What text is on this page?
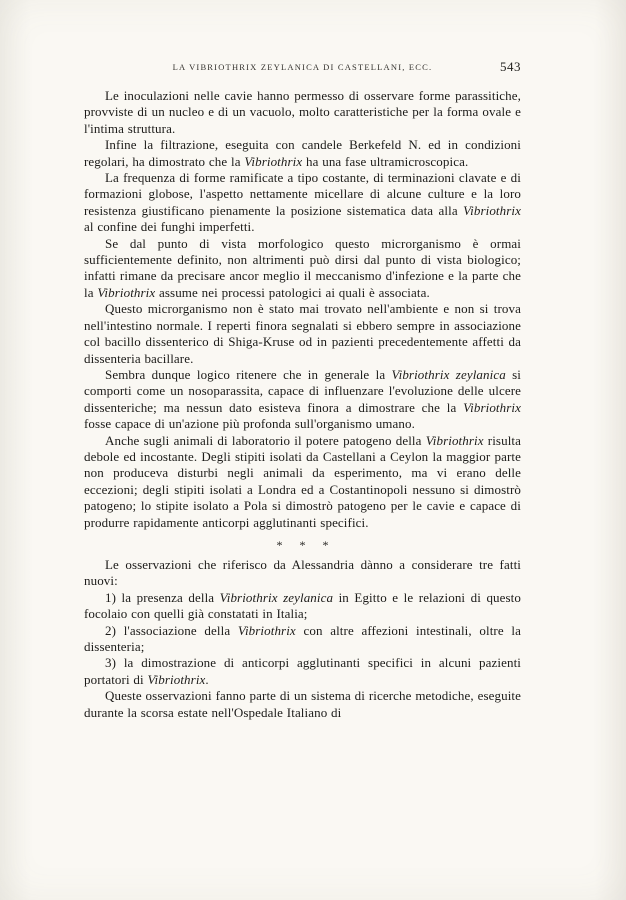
LA VIBRIOTHRIX ZEYLANICA DI CASTELLANI, ECC.	543

Le inoculazioni nelle cavie hanno permesso di osservare forme parassitiche, provviste di un nucleo e di un vacuolo, molto caratteristiche per la forma ovale e l'intima struttura.

Infine la filtrazione, eseguita con candele Berkefeld N. ed in condizioni regolari, ha dimostrato che la Vibriothrix ha una fase ultramicroscopica.

La frequenza di forme ramificate a tipo costante, di terminazioni clavate e di formazioni globose, l'aspetto nettamente micellare di alcune culture e la loro resistenza giustificano pienamente la posizione sistematica data alla Vibriothrix al confine dei funghi imperfetti.

Se dal punto di vista morfologico questo microrganismo è ormai sufficientemente definito, non altrimenti può dirsi dal punto di vista biologico; infatti rimane da precisare ancor meglio il meccanismo d'infezione e la parte che la Vibriothrix assume nei processi patologici ai quali è associata.

Questo microrganismo non è stato mai trovato nell'ambiente e non si trova nell'intestino normale. I reperti finora segnalati si ebbero sempre in associazione col bacillo dissenterico di Shiga-Kruse od in pazienti precedentemente affetti da dissenteria bacillare.

Sembra dunque logico ritenere che in generale la Vibriothrix zeylanica si comporti come un nosoparassita, capace di influenzare l'evoluzione delle ulcere dissenteriche; ma nessun dato esisteva finora a dimostrare che la Vibriothrix fosse capace di un'azione più profonda sull'organismo umano.

Anche sugli animali di laboratorio il potere patogeno della Vibriothrix risulta debole ed incostante. Degli stipiti isolati da Castellani a Ceylon la maggior parte non produceva disturbi negli animali da esperimento, ma vi erano delle eccezioni; degli stipiti isolati a Londra ed a Costantinopoli nessuno si dimostrò patogeno; lo stipite isolato a Pola si dimostrò patogeno per le cavie e capace di produrre rapidamente anticorpi agglutinanti specifici.

* * *

Le osservazioni che riferisco da Alessandria dànno a considerare tre fatti nuovi:

1) la presenza della Vibriothrix zeylanica in Egitto e le relazioni di questo focolaio con quelli già constatati in Italia;

2) l'associazione della Vibriothrix con altre affezioni intestinali, oltre la dissenteria;

3) la dimostrazione di anticorpi agglutinanti specifici in alcuni pazienti portatori di Vibriothrix.

Queste osservazioni fanno parte di un sistema di ricerche metodiche, eseguite durante la scorsa estate nell'Ospedale Italiano di
